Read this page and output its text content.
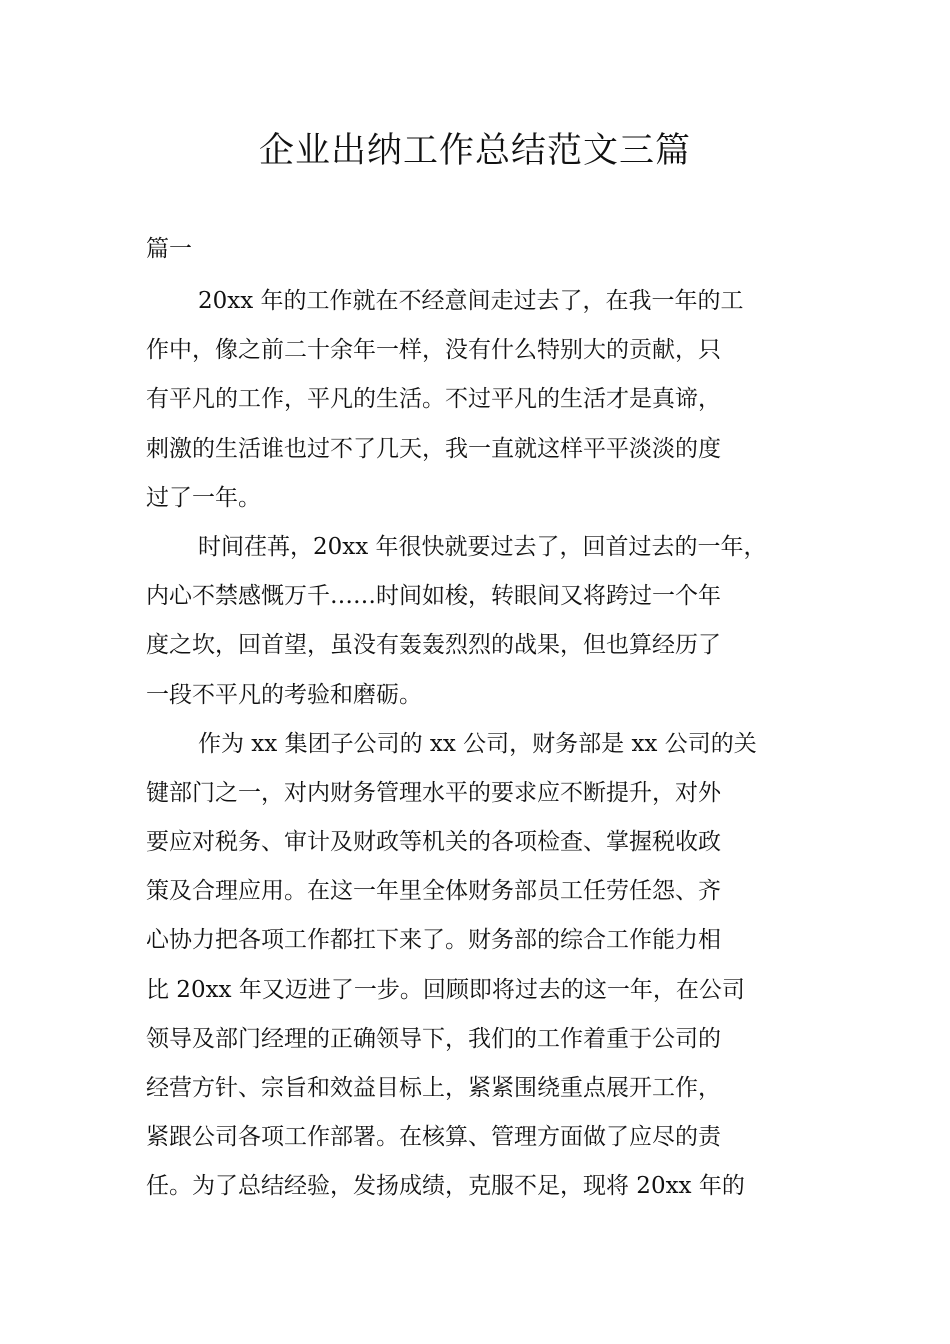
企业出纳工作总结范文三篇
篇一
20xx 年的工作就在不经意间走过去了，在我一年的工
作中，像之前二十余年一样，没有什么特别大的贡献，只
有平凡的工作，平凡的生活。不过平凡的生活才是真谛，
刺激的生活谁也过不了几天，我一直就这样平平淡淡的度
过了一年。
时间荏苒，20xx 年很快就要过去了，回首过去的一年，
内心不禁感慨万千……时间如梭，转眼间又将跨过一个年
度之坎，回首望，虽没有轰轰烈烈的战果，但也算经历了
一段不平凡的考验和磨砺。
作为 xx 集团子公司的 xx 公司，财务部是 xx 公司的关
键部门之一，对内财务管理水平的要求应不断提升，对外
要应对税务、审计及财政等机关的各项检查、掌握税收政
策及合理应用。在这一年里全体财务部员工任劳任怨、齐
心协力把各项工作都扛下来了。财务部的综合工作能力相
比 20xx 年又迈进了一步。回顾即将过去的这一年，在公司
领导及部门经理的正确领导下，我们的工作着重于公司的
经营方针、宗旨和效益目标上，紧紧围绕重点展开工作，
紧跟公司各项工作部署。在核算、管理方面做了应尽的责
任。为了总结经验，发扬成绩，克服不足，现将 20xx 年的
